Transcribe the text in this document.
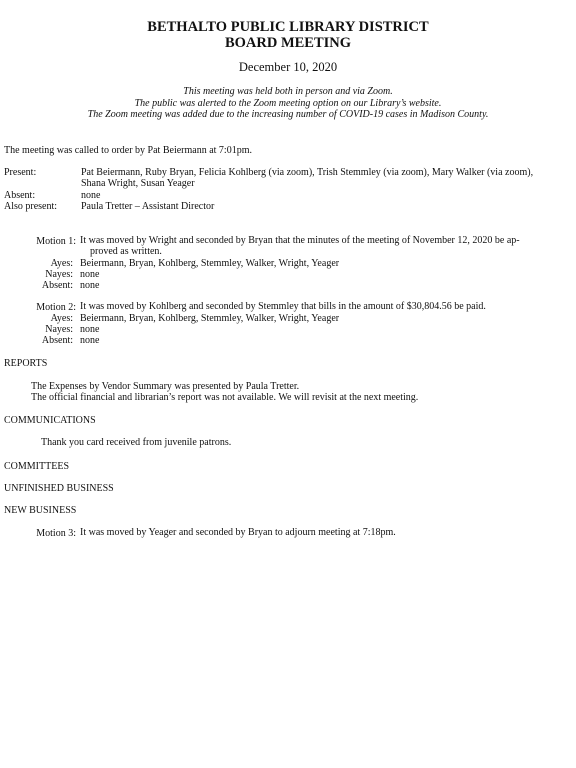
BETHALTO PUBLIC LIBRARY DISTRICT
BOARD MEETING
December 10, 2020
This meeting was held both in person and via Zoom.
The public was alerted to the Zoom meeting option on our Library’s website.
The Zoom meeting was added due to the increasing number of COVID-19 cases in Madison County.
The meeting was called to order by Pat Beiermann at 7:01pm.
Present:	Pat Beiermann, Ruby Bryan, Felicia Kohlberg (via zoom), Trish Stemmley (via zoom), Mary Walker (via zoom),
Shana Wright, Susan Yeager
Absent:	none
Also present: Paula Tretter – Assistant Director
Motion 1: It was moved by Wright and seconded by Bryan that the minutes of the meeting of November 12, 2020 be ap-
proved as written.
Ayes: Beiermann, Bryan, Kohlberg, Stemmley, Walker, Wright, Yeager
Nayes: none
Absent: none
Motion 2: It was moved by Kohlberg and seconded by Stemmley that bills in the amount of $30,804.56 be paid.
Ayes: Beiermann, Bryan, Kohlberg, Stemmley, Walker, Wright, Yeager
Nayes: none
Absent: none
REPORTS
The Expenses by Vendor Summary was presented by Paula Tretter.
The official financial and librarian’s report was not available. We will revisit at the next meeting.
COMMUNICATIONS
Thank you card received from juvenile patrons.
COMMITTEES
UNFINISHED BUSINESS
NEW BUSINESS
Motion 3: It was moved by Yeager and seconded by Bryan to adjourn meeting at 7:18pm.
